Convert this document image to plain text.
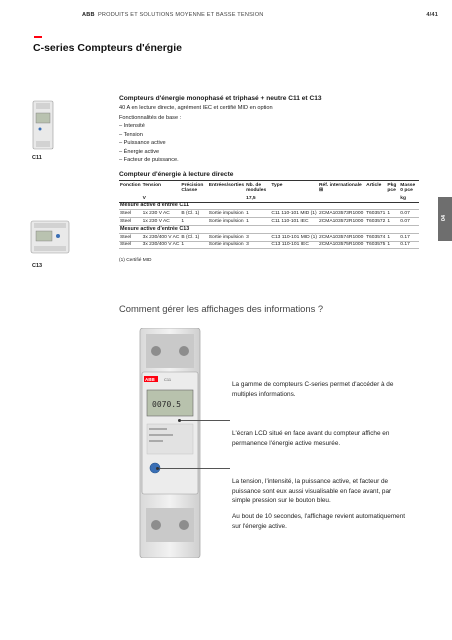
ABB PRODUITS ET SOLUTIONS MOYENNE ET BASSE TENSION	4/41
C-series Compteurs d'énergie
C11
Compteurs d'énergie monophasé et triphasé + neutre C11 et C13
40 A en lecture directe, agrément IEC et certifié MID en option
Fonctionnalités de base :
– Intensité
– Tension
– Puissance active
– Énergie active
– Facteur de puissance.
C13
Compteur d'énergie à lecture directe
Fonction	Tension	Précision Classe	Entrées/sorties	Nb. de modules	Type	Réf. internationale ⊞	Article	Pkg pce	Masse 0 pce
	V			17,5					kg
Mesure active d'entrée C11									
Steel	1x 230 V AC	B (Cl. 1)	Sortie impulsion	1	C11 110-101 MID (1)	2CMA103573R1000	T603571	1	0.07
Steel	1x 230 V AC	1	Sortie impulsion	1	C11 110-101 IEC	2CMA103572R1000	T603572	1	0.07
Mesure active d'entrée C13									
Steel	3x 230/400 V AC	B (Cl. 1)	Sortie impulsion	3	C13 110-101 MID (1)	2CMA103574R1000	T603574	1	0.17
Steel	3x 230/400 V AC	1	Sortie impulsion	3	C13 110-101 IEC	2CMA103575R1000	T603575	1	0.17
(1) Certifié MID
04
Comment gérer les affichages des informations ?
ABB C11
0070.5
La gamme de compteurs C-series permet d'accéder à de multiples informations.
L'écran LCD situé en face avant du compteur affiche en permanence l'énergie active mesurée.
La tension, l'intensité, la puissance active, et facteur de puissance sont eux aussi visualisable en face avant, par simple pression sur le bouton bleu.
Au bout de 10 secondes, l'affichage revient automatiquement sur l'énergie active.
